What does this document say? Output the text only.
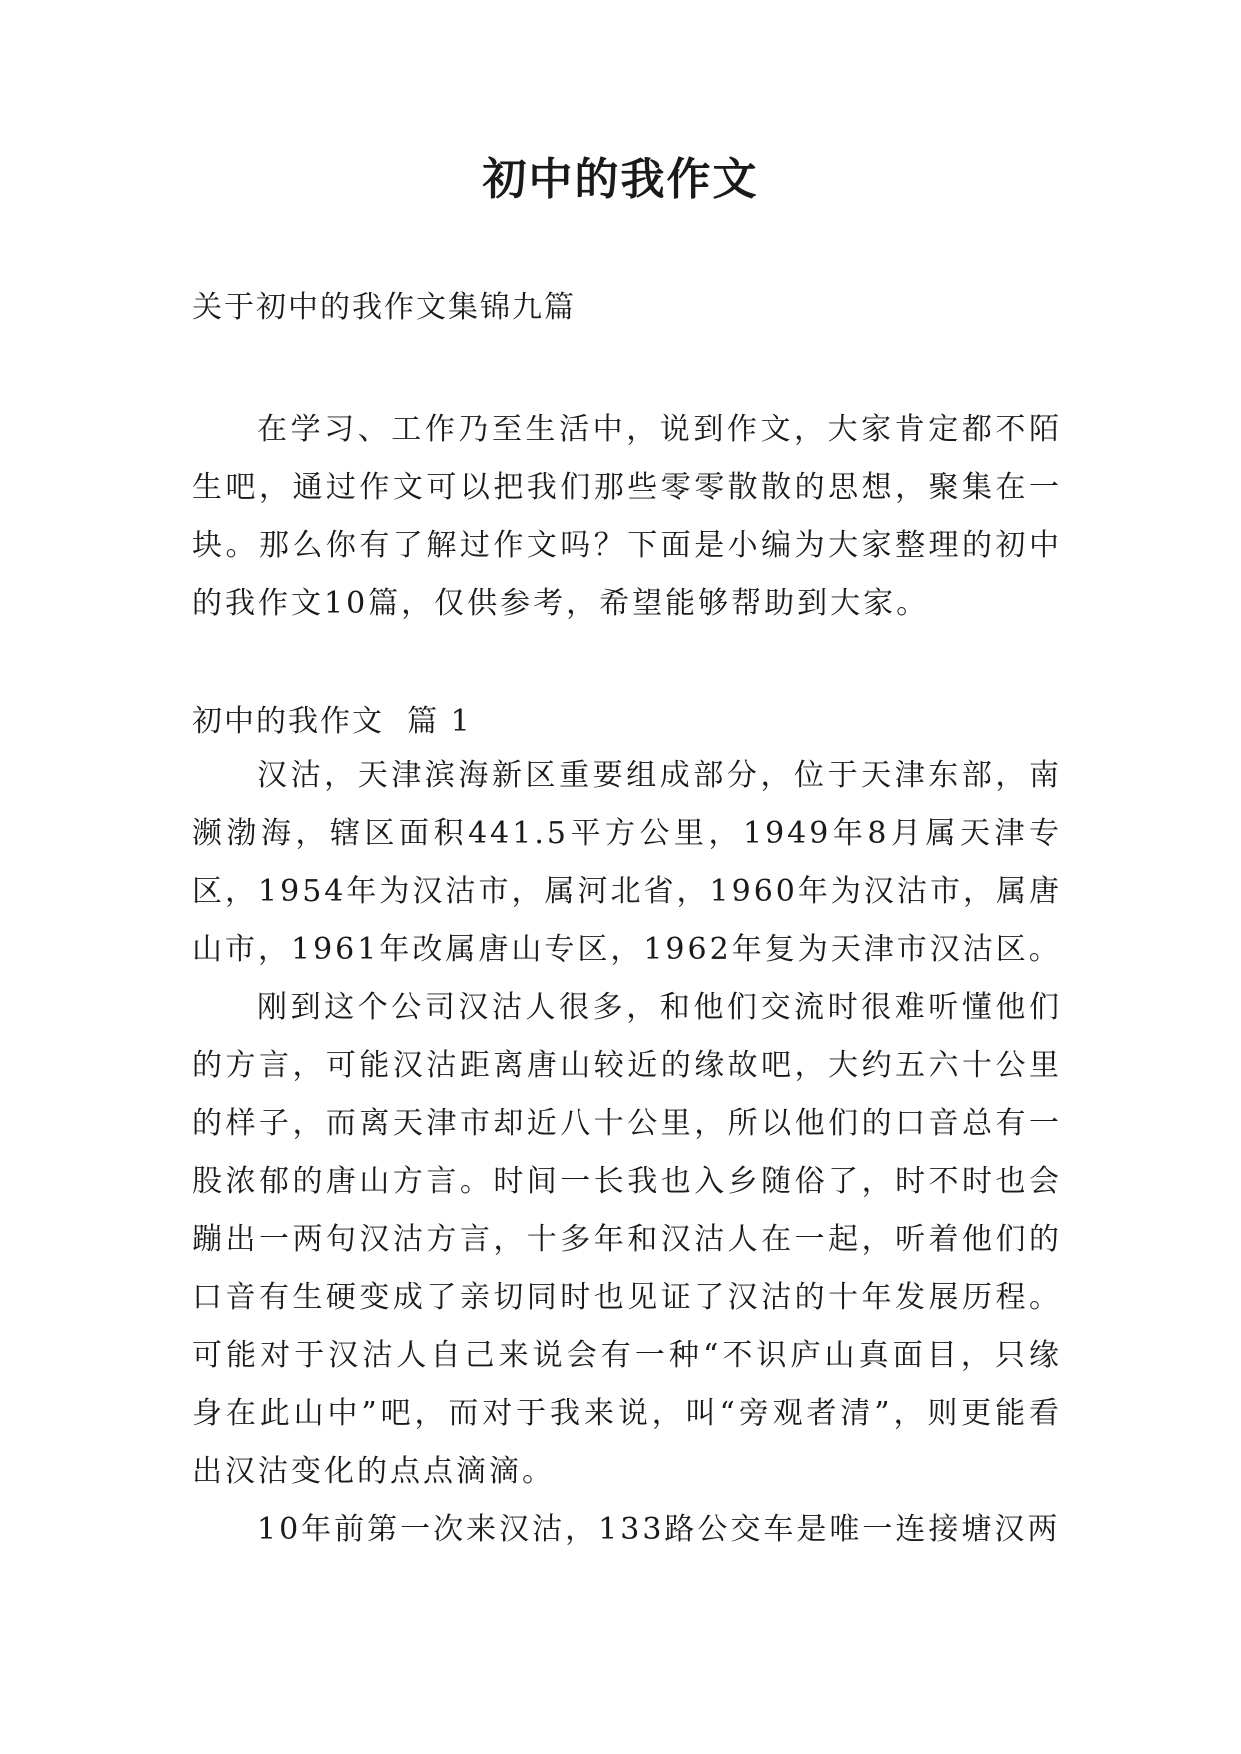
初中的我作文
关于初中的我作文集锦九篇

在学习、工作乃至生活中，说到作文，大家肯定都不陌生吧，通过作文可以把我们那些零零散散的思想，聚集在一块。那么你有了解过作文吗？下面是小编为大家整理的初中的我作文10篇，仅供参考，希望能够帮助到大家。

初中的我作文  篇 1

汉沽，天津滨海新区重要组成部分，位于天津东部，南濒渤海，辖区面积441.5平方公里，1949年8月属天津专区，1954年为汉沽市，属河北省，1960年为汉沽市，属唐山市，1961年改属唐山专区，1962年复为天津市汉沽区。

刚到这个公司汉沽人很多，和他们交流时很难听懂他们的方言，可能汉沽距离唐山较近的缘故吧，大约五六十公里的样子，而离天津市却近八十公里，所以他们的口音总有一股浓郁的唐山方言。时间一长我也入乡随俗了，时不时也会蹦出一两句汉沽方言，十多年和汉沽人在一起，听着他们的口音有生硬变成了亲切同时也见证了汉沽的十年发展历程。可能对于汉沽人自己来说会有一种“不识庐山真面目，只缘身在此山中”吧，而对于我来说，叫“旁观者清”，则更能看出汉沽变化的点点滴滴。

10年前第一次来汉沽，133路公交车是唯一连接塘汉两
